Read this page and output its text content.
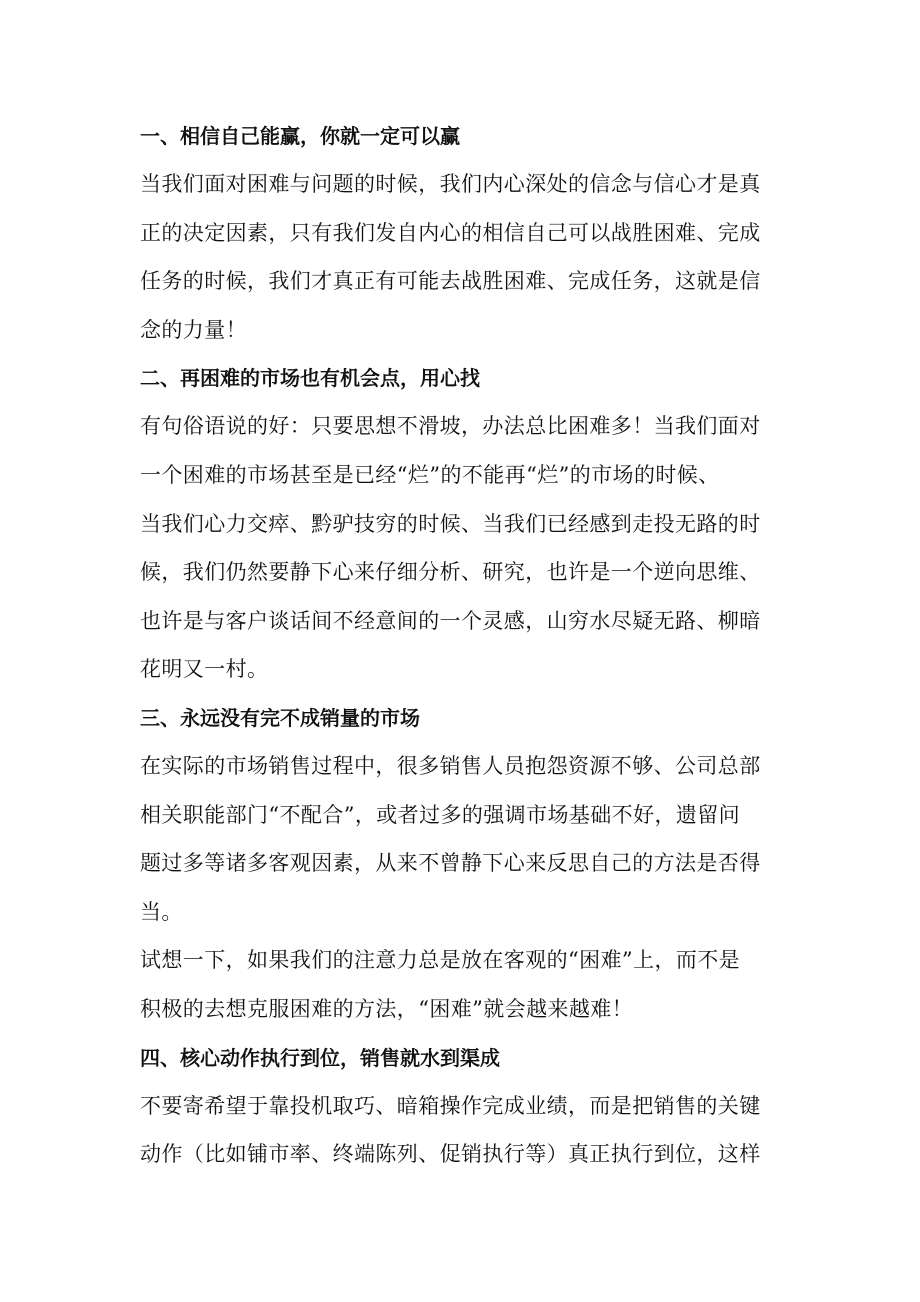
一、相信自己能赢，你就一定可以赢
当我们面对困难与问题的时候，我们内心深处的信念与信心才是真
正的决定因素，只有我们发自内心的相信自己可以战胜困难、完成
任务的时候，我们才真正有可能去战胜困难、完成任务，这就是信
念的力量！
二、再困难的市场也有机会点，用心找
有句俗语说的好：只要思想不滑坡，办法总比困难多！当我们面对
一个困难的市场甚至是已经“烂”的不能再“烂”的市场的时候、
当我们心力交瘁、黔驴技穷的时候、当我们已经感到走投无路的时
候，我们仍然要静下心来仔细分析、研究，也许是一个逆向思维、
也许是与客户谈话间不经意间的一个灵感，山穷水尽疑无路、柳暗
花明又一村。
三、永远没有完不成销量的市场
在实际的市场销售过程中，很多销售人员抱怨资源不够、公司总部
相关职能部门“不配合”，或者过多的强调市场基础不好，遗留问
题过多等诸多客观因素，从来不曾静下心来反思自己的方法是否得
当。
试想一下，如果我们的注意力总是放在客观的“困难”上，而不是
积极的去想克服困难的方法，“困难”就会越来越难！
四、核心动作执行到位，销售就水到渠成
不要寄希望于靠投机取巧、暗箱操作完成业绩，而是把销售的关键
动作（比如铺市率、终端陈列、促销执行等）真正执行到位，这样
